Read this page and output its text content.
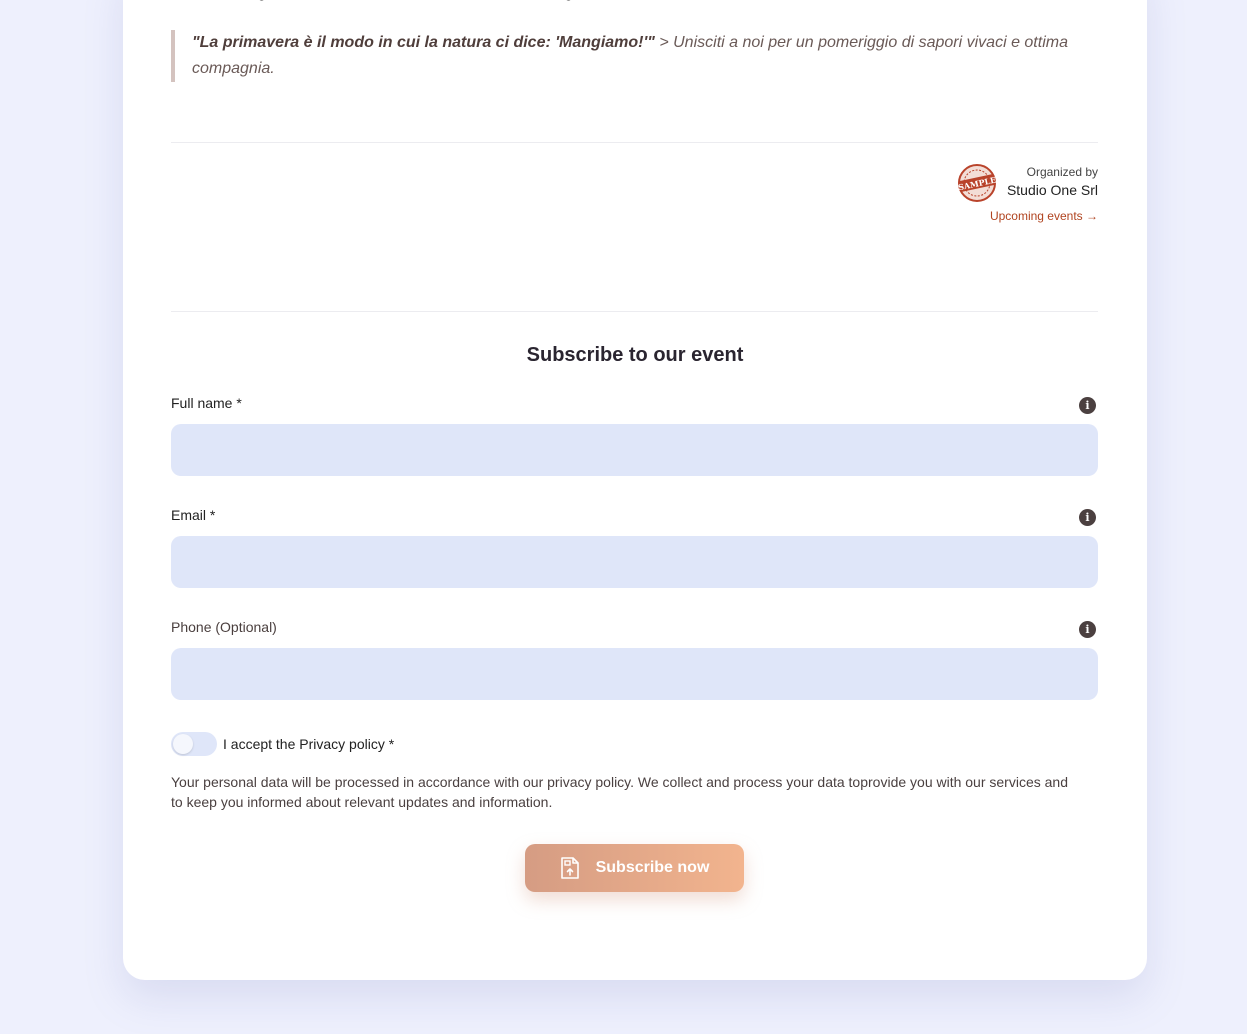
"La primavera è il modo in cui la natura ci dice: 'Mangiamo!'" > Unisciti a noi per un pomeriggio di sapori vivaci e ottima compagnia.
SAMPLE
Organized by
Studio One Srl
Upcoming events →
Subscribe to our event
Full name *	i
Email *	i
Phone (Optional)	i
I accept the Privacy policy *
Your personal data will be processed in accordance with our privacy policy. We collect and process your data toprovide you with our services and to keep you informed about relevant updates and information.
Subscribe now
